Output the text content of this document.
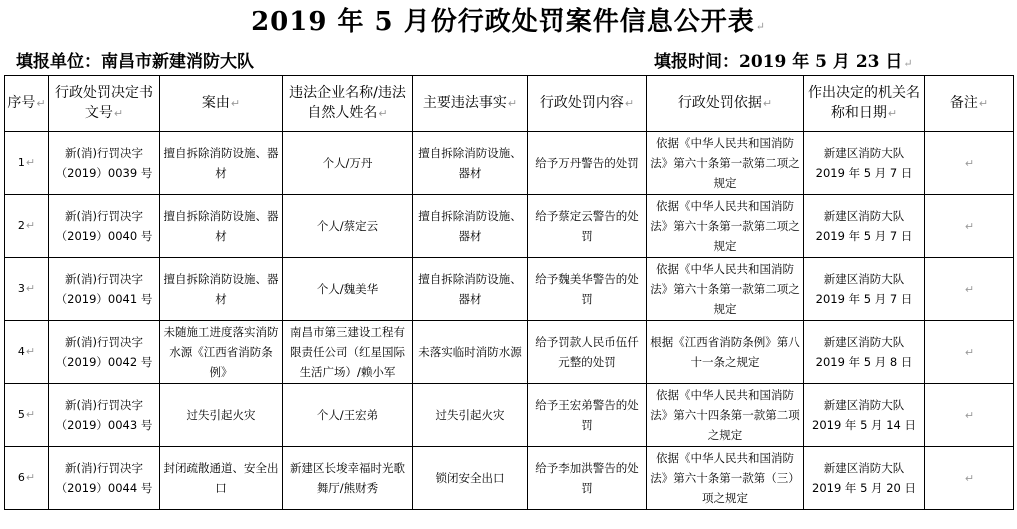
2019 年 5 月份行政处罚案件信息公开表↵
填报单位：南昌市新建消防大队	填报时间：2019 年 5 月 23 日↵
序号↵	行政处罚决定书文号↵	案由↵	违法企业名称/违法自然人姓名↵	主要违法事实↵	行政处罚内容↵	行政处罚依据↵	作出决定的机关名称和日期↵	备注↵
1↵	新(消)行罚决字（2019）0039 号	擅自拆除消防设施、器材	个人/万丹	擅自拆除消防设施、器材	给予万丹警告的处罚	依据《中华人民共和国消防法》第六十条第一款第二项之规定	新建区消防大队
2019 年 5 月 7 日	↵
2↵	新(消)行罚决字（2019）0040 号	擅自拆除消防设施、器材	个人/蔡定云	擅自拆除消防设施、器材	给予蔡定云警告的处罚	依据《中华人民共和国消防法》第六十条第一款第二项之规定	新建区消防大队
2019 年 5 月 7 日	↵
3↵	新(消)行罚决字（2019）0041 号	擅自拆除消防设施、器材	个人/魏美华	擅自拆除消防设施、器材	给予魏美华警告的处罚	依据《中华人民共和国消防法》第六十条第一款第二项之规定	新建区消防大队
2019 年 5 月 7 日	↵
4↵	新(消)行罚决字（2019）0042 号	未随施工进度落实消防水源《江西省消防条例》	南昌市第三建设工程有限责任公司（红星国际生活广场）/赖小军	未落实临时消防水源	给予罚款人民币伍仟元整的处罚	根据《江西省消防条例》第八十一条之规定	新建区消防大队
2019 年 5 月 8 日	↵
5↵	新(消)行罚决字（2019）0043 号	过失引起火灾	个人/王宏弟	过失引起火灾	给予王宏弟警告的处罚	依据《中华人民共和国消防法》第六十四条第一款第二项之规定	新建区消防大队
2019 年 5 月 14 日	↵
6↵	新(消)行罚决字（2019）0044 号	封闭疏散通道、安全出口	新建区长埈幸福时光歌舞厅/熊财秀	锁闭安全出口	给予李加洪警告的处罚	依据《中华人民共和国消防法》第六十条第一款第（三）项之规定	新建区消防大队
2019 年 5 月 20 日	↵
